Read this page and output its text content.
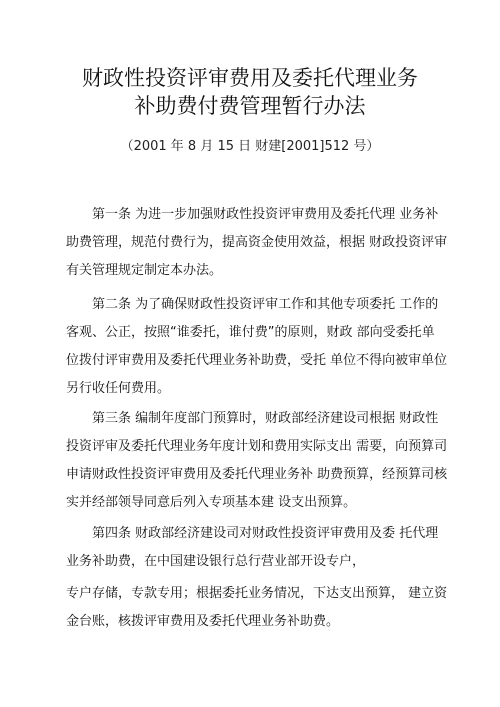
财政性投资评审费用及委托代理业务
补助费付费管理暂行办法
（2001 年 8 月 15 日 财建[2001]512 号）
第一条 为进一步加强财政性投资评审费用及委托代理 业务补
助费管理，规范付费行为，提高资金使用效益，根据 财政投资评审
有关管理规定制定本办法。
第二条 为了确保财政性投资评审工作和其他专项委托 工作的
客观、公正，按照“谁委托，谁付费”的原则，财政 部向受委托单
位拨付评审费用及委托代理业务补助费，受托 单位不得向被审单位
另行收任何费用。
第三条 编制年度部门预算时，财政部经济建设司根据 财政性
投资评审及委托代理业务年度计划和费用实际支出 需要，向预算司
申请财政性投资评审费用及委托代理业务补 助费预算，经预算司核
实并经部领导同意后列入专项基本建 设支出预算。
第四条 财政部经济建设司对财政性投资评审费用及委 托代理
业务补助费，在中国建设银行总行营业部开设专户，
专户存储，专款专用；根据委托业务情况，下达支出预算， 建立资
金台账，核拨评审费用及委托代理业务补助费。
